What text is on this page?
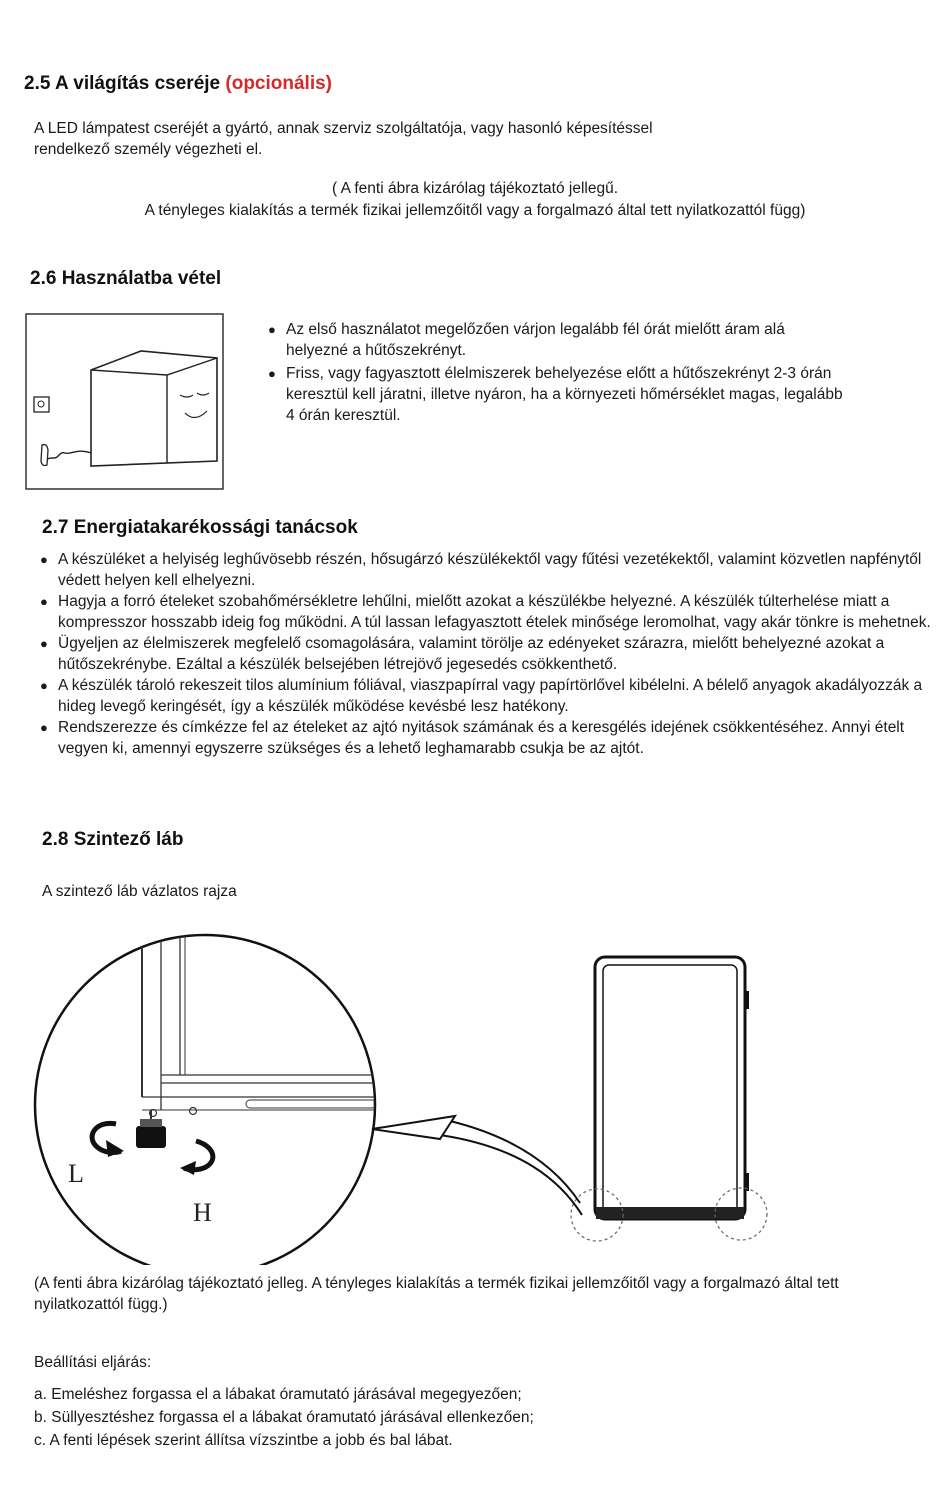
2.5 A világítás cseréje (opcionális)
A LED lámpatest cseréjét a gyártó, annak szerviz szolgáltatója, vagy hasonló képesítéssel rendelkező személy végezheti el.
( A fenti ábra kizárólag tájékoztató jellegű.
A tényleges kialakítás a termék fizikai jellemzőitől vagy a forgalmazó által tett nyilatkozattól függ)
2.6 Használatba vétel
● Az első használatot megelőzően várjon legalább fél órát mielőtt áram alá helyezné a hűtőszekrényt.
● Friss, vagy fagyasztott élelmiszerek behelyezése előtt a hűtőszekrényt 2-3 órán keresztül kell járatni, illetve nyáron, ha a környezeti hőmérséklet magas, legalább 4 órán keresztül.
2.7 Energiatakarékossági tanácsok
● A készüléket a helyiség leghűvösebb részén, hősugárzó készülékektől vagy fűtési vezetékektől, valamint közvetlen napfénytől védett helyen kell elhelyezni.
● Hagyja a forró ételeket szobahőmérsékletre lehűlni, mielőtt azokat a készülékbe helyezné. A készülék túlterhelése miatt a kompresszor hosszabb ideig fog működni. A túl lassan lefagyasztott ételek minősége leromolhat, vagy akár tönkre is mehetnek.
● Ügyeljen az élelmiszerek megfelelő csomagolására, valamint törölje az edényeket szárazra, mielőtt behelyezné azokat a hűtőszekrénybe. Ezáltal a készülék belsejében létrejövő jegesedés csökkenthető.
● A készülék tároló rekeszeit tilos alumínium fóliával, viaszpapírral vagy papírtörlővel kibélelni. A bélelő anyagok akadályozzák a hideg levegő keringését, így a készülék működése kevésbé lesz hatékony.
● Rendszerezze és címkézze fel az ételeket az ajtó nyitások számának és a keresgélés idejének csökkentéséhez. Annyi ételt vegyen ki, amennyi egyszerre szükséges és a lehető leghamarabb csukja be az ajtót.
2.8 Szintező láb
A szintező láb vázlatos rajza
L
H
(A fenti ábra kizárólag tájékoztató jelleg. A tényleges kialakítás a termék fizikai jellemzőitől vagy a forgalmazó által tett nyilatkozattól függ.)
Beállítási eljárás:
a. Emeléshez forgassa el a lábakat óramutató járásával megegyezően;
b. Süllyesztéshez forgassa el a lábakat óramutató járásával ellenkezően;
c. A fenti lépések szerint állítsa vízszintbe a jobb és bal lábat.
